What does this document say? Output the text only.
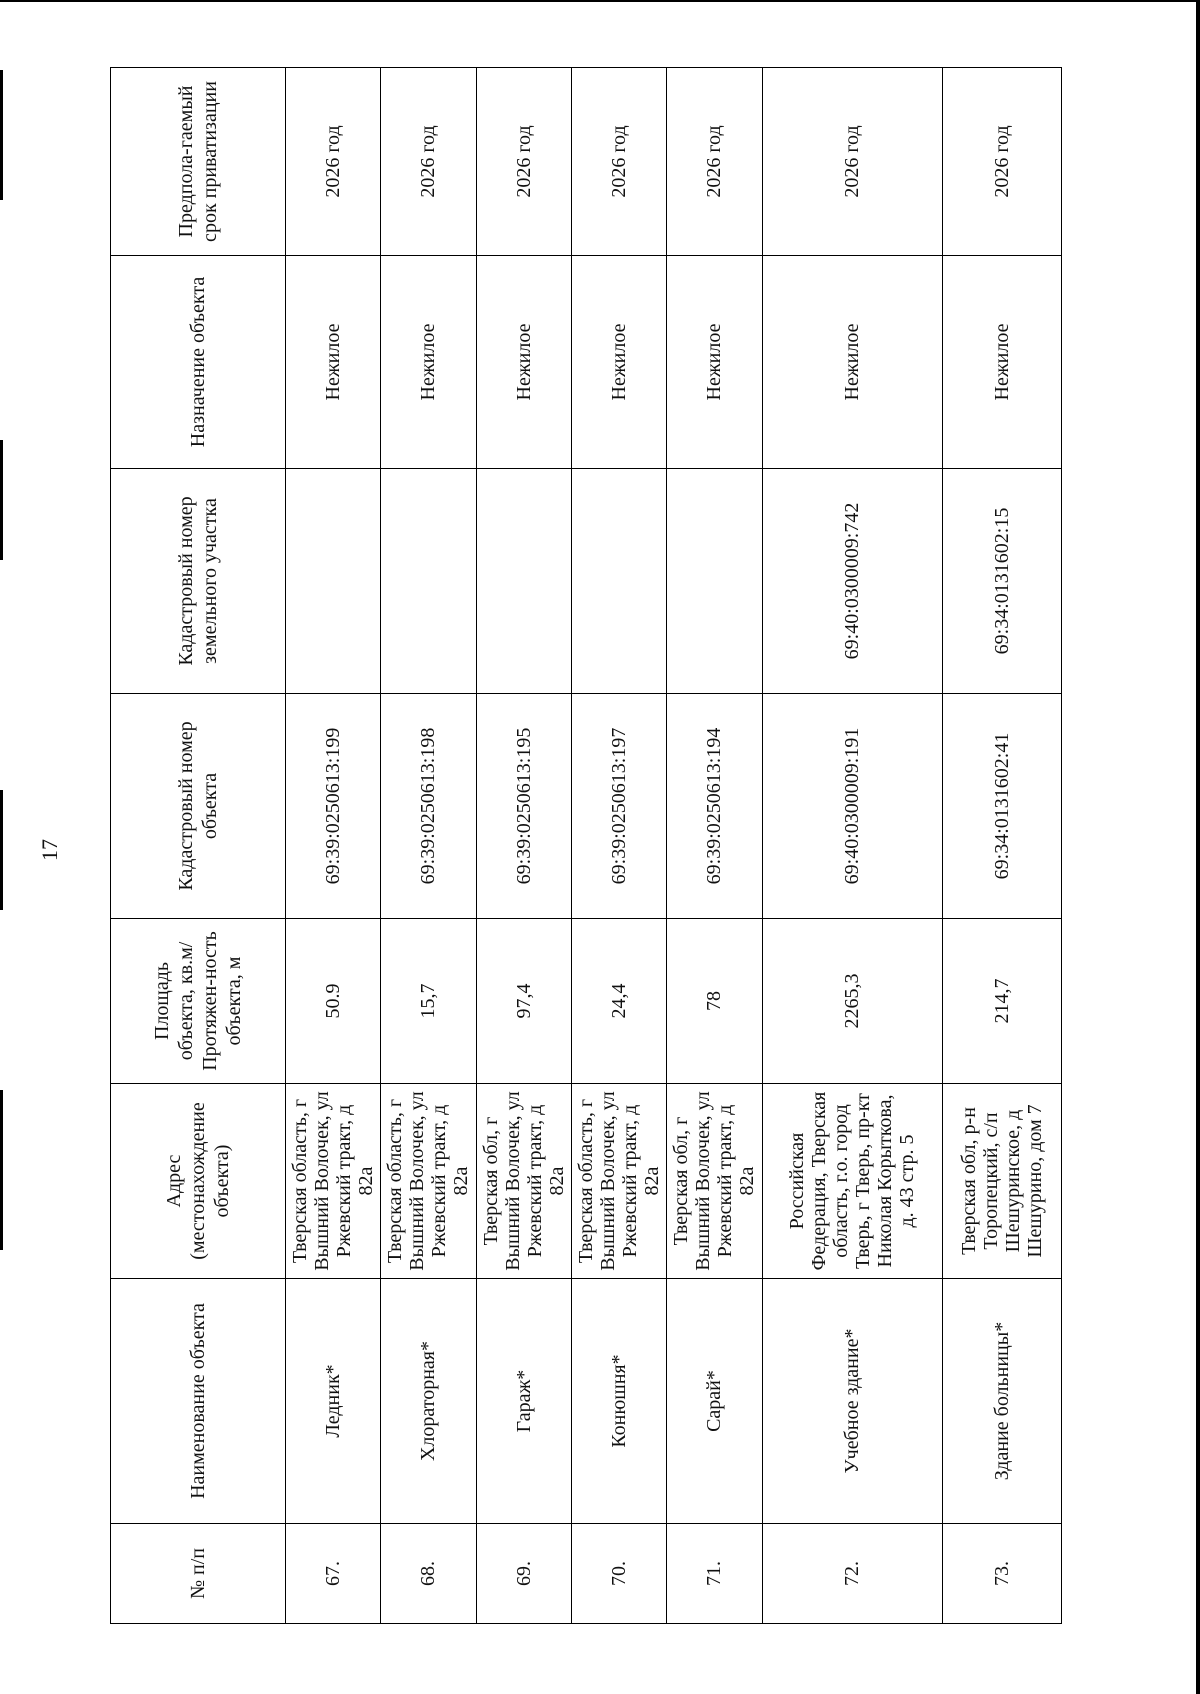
17
№ п/п	Наименование объекта	Адрес (местонахождение объекта)	Площадь объекта, кв.м/ Протяжен-ность объекта, м	Кадастровый номер объекта	Кадастровый номер земельного участка	Назначение объекта	Предпола-гаемый срок приватизации
67.	Ледник*	Тверская область, г Вышний Волочек, ул Ржевский тракт, д 82а	50.9	69:39:0250613:199		Нежилое	2026 год
68.	Хлораторная*	Тверская область, г Вышний Волочек, ул Ржевский тракт, д 82а	15,7	69:39:0250613:198		Нежилое	2026 год
69.	Гараж*	Тверская обл, г Вышний Волочек, ул Ржевский тракт, д 82а	97,4	69:39:0250613:195		Нежилое	2026 год
70.	Конюшня*	Тверская область, г Вышний Волочек, ул Ржевский тракт, д 82а	24,4	69:39:0250613:197		Нежилое	2026 год
71.	Сарай*	Тверская обл, г Вышний Волочек, ул Ржевский тракт, д 82а	78	69:39:0250613:194		Нежилое	2026 год
72.	Учебное здание*	Российская Федерация, Тверская область, г.о. город Тверь, г Тверь, пр-кт Николая Корыткова, д. 43 стр. 5	2265,3	69:40:0300009:191	69:40:0300009:742	Нежилое	2026 год
73.	Здание больницы*	Тверская обл, р-н Торопецкий, с/п Шешуринское, д Шешурино, дом 7	214,7	69:34:0131602:41	69:34:0131602:15	Нежилое	2026 год
